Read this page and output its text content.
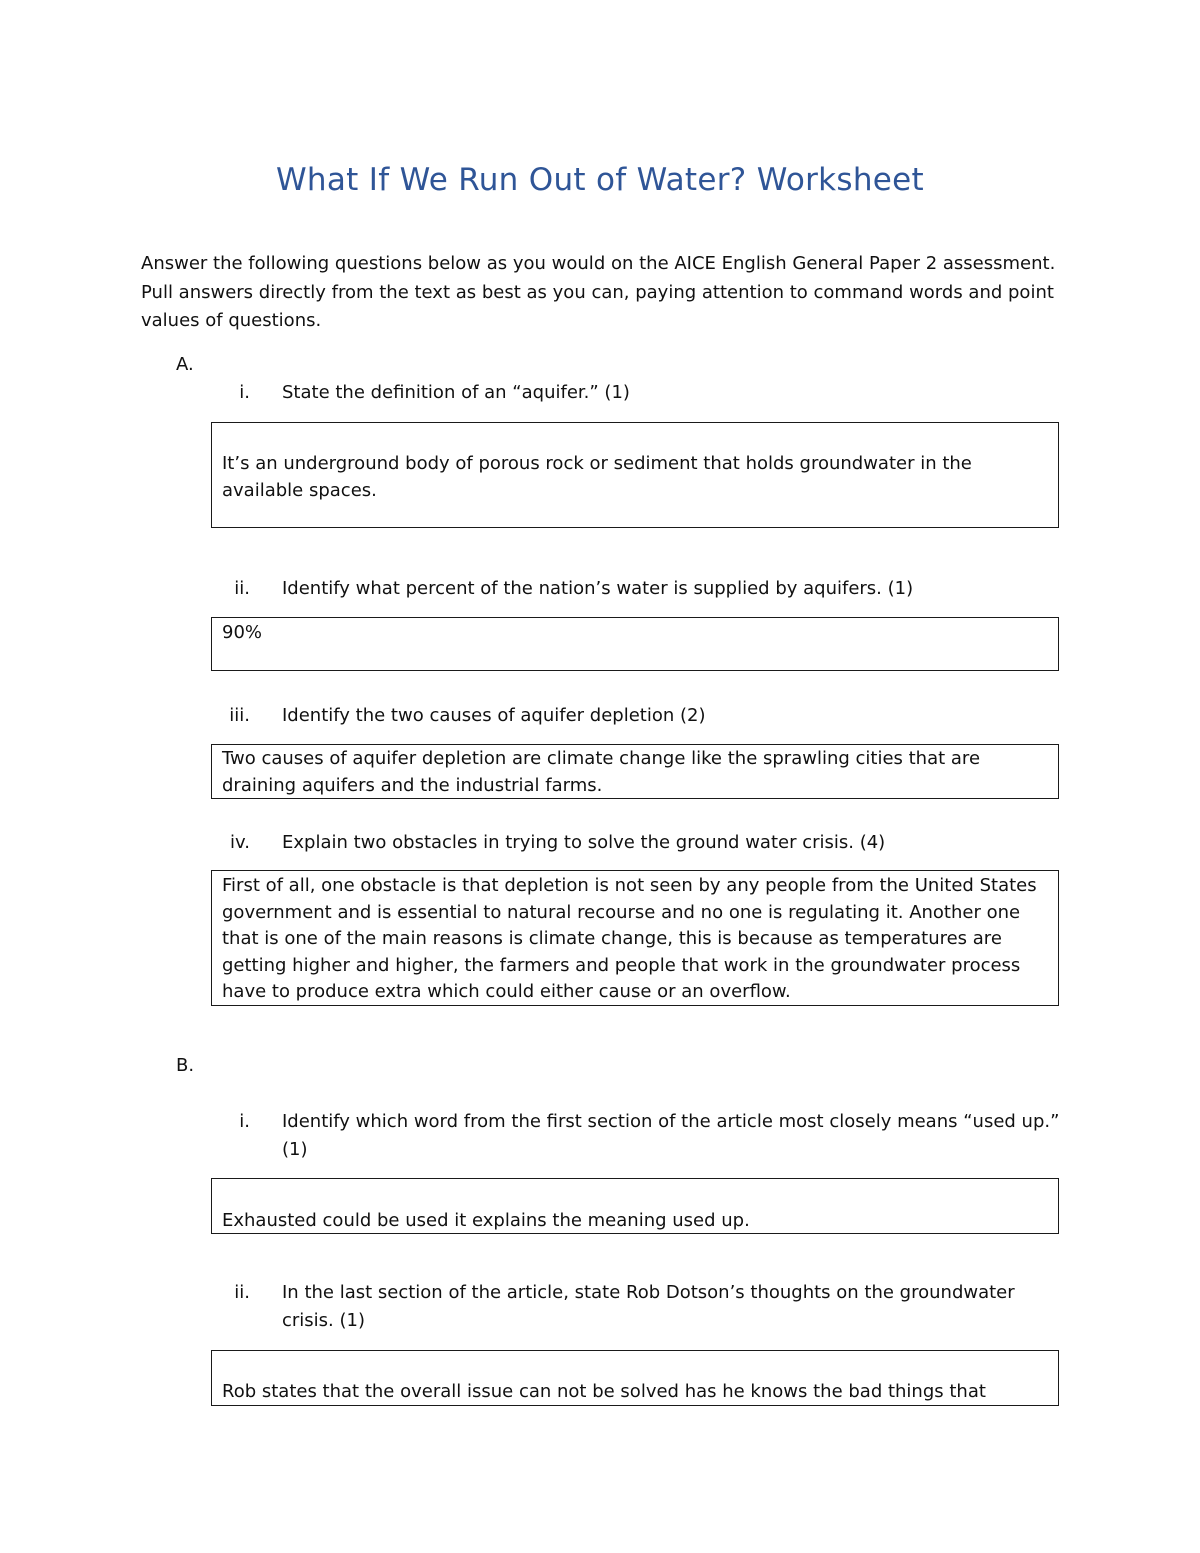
What If We Run Out of Water? Worksheet
Answer the following questions below as you would on the AICE English General Paper 2 assessment. Pull answers directly from the text as best as you can, paying attention to command words and point values of questions.
A.
i. State the definition of an “aquifer.” (1)
It’s an underground body of porous rock or sediment that holds groundwater in the available spaces.
ii. Identify what percent of the nation’s water is supplied by aquifers. (1)
90%
iii. Identify the two causes of aquifer depletion (2)
Two causes of aquifer depletion are climate change like the sprawling cities that are draining aquifers and the industrial farms.
iv. Explain two obstacles in trying to solve the ground water crisis. (4)
First of all, one obstacle is that depletion is not seen by any people from the United States government and is essential to natural recourse and no one is regulating it. Another one that is one of the main reasons is climate change, this is because as temperatures are getting higher and higher, the farmers and people that work in the groundwater process have to produce extra which could either cause or an overflow.
B.
i. Identify which word from the first section of the article most closely means “used up.” (1)
Exhausted could be used it explains the meaning used up.
ii. In the last section of the article, state Rob Dotson’s thoughts on the groundwater crisis. (1)
Rob states that the overall issue can not be solved has he knows the bad things that
